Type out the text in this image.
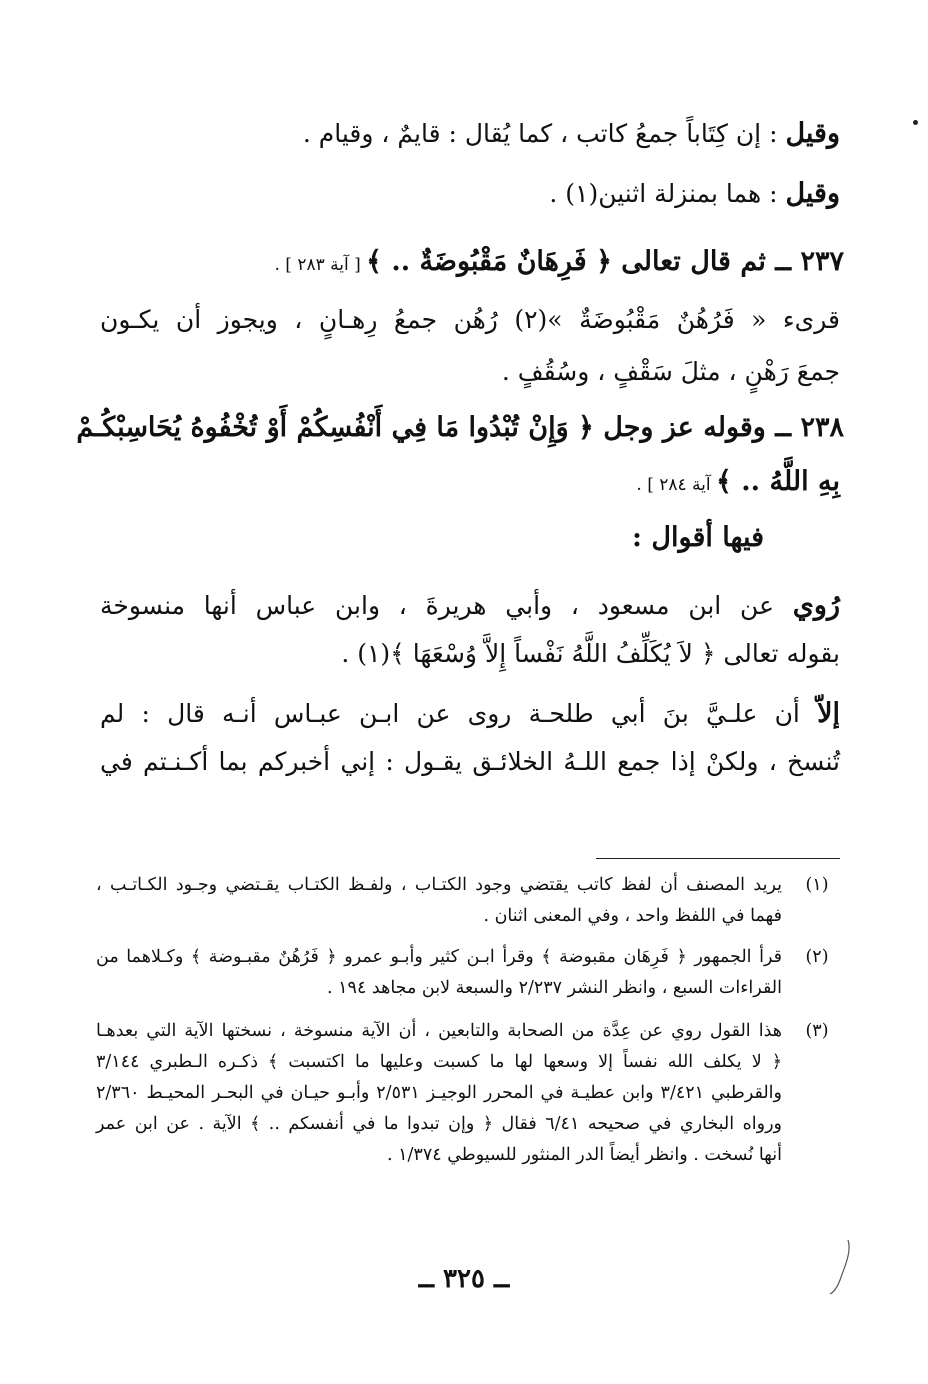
وقيل : إن كِتَاباً جمعُ كاتب ، كما يُقال : قايمٌ ، وقيام .
وقيل : هما بمنزلة اثنين(١) .
٢٣٧ ــ ثم قال تعالى ﴿ فَرِهَانٌ مَقْبُوضَةٌ .. ﴾ [ آية ٢٨٣ ] .
قرىء « فَرُهُنٌ مَقْبُوضَةٌ »(٢) رُهُن جمعُ رِهـانٍ ، ويجوز أن يكـون
جمعَ رَهْنٍ ، مثلَ سَقْفٍ ، وسُقُفٍ .
٢٣٨ ــ وقوله عز وجل ﴿ وَإِنْ تُبْدُوا مَا فِي أَنْفُسِكُمْ أَوْ تُخْفُوهُ يُحَاسِبْكُـمْ
بِهِ اللَّهُ .. ﴾ آية ٢٨٤ ] .
فيها أقوال :
رُوي عن ابن مسعود ، وأبي هريرةَ ، وابن عباس أنها منسوخة
بقوله تعالى ﴿ لاَ يُكَلِّفُ اللَّهُ نَفْساً إِلاَّ وُسْعَهَا ﴾(١) .
إلاّ أن علـيَّ بنَ أبي طلحـة روى عن ابـن عبـاس أنـه قال : لم
تُنسخ ، ولكنْ إذا جمع اللـهُ الخلائـق يقـول : إني أخبركم بما أكـنـتم في
(١)
يريد المصنف أن لفظ كاتب يقتضي وجود الكتـاب ، ولفـظ الكتـاب يقـتضي وجـود الكـاتـب ،
فهما في اللفظ واحد ، وفي المعنى اثنان .
(٢)
قرأ الجمهور ﴿ فَرِهَان مقبوضة ﴾ وقرأ ابـن كثير وأبـو عمرو ﴿ فَرُهُنٌ مقبـوضة ﴾ وكـلاهما من
القراءات السبع ، وانظر النشر ٢/٢٣٧ والسبعة لابن مجاهد ١٩٤ .
(٣)
هذا القول روي عن عِدَّة من الصحابة والتابعين ، أن الآية منسوخة ، نسختها الآية التي بعدهـا
﴿ لا يكلف الله نفساً إلا وسعها لها ما كسبت وعليها ما اكتسبت ﴾ ذكـره الـطبري ٣/١٤٤
والقرطبي ٣/٤٢١ وابن عطيـة في المحرر الوجيـز ٢/٥٣١ وأبـو حيـان في البحـر المحيـط ٢/٣٦٠
ورواه البخاري في صحيحه ٦/٤١ فقال ﴿ وإن تبدوا ما في أنفسكم .. ﴾ الآية . عن ابن عمر
أنها نُسخت . وانظر أيضاً الدر المنثور للسيوطي ١/٣٧٤ .
ــ ٣٢٥ ــ
